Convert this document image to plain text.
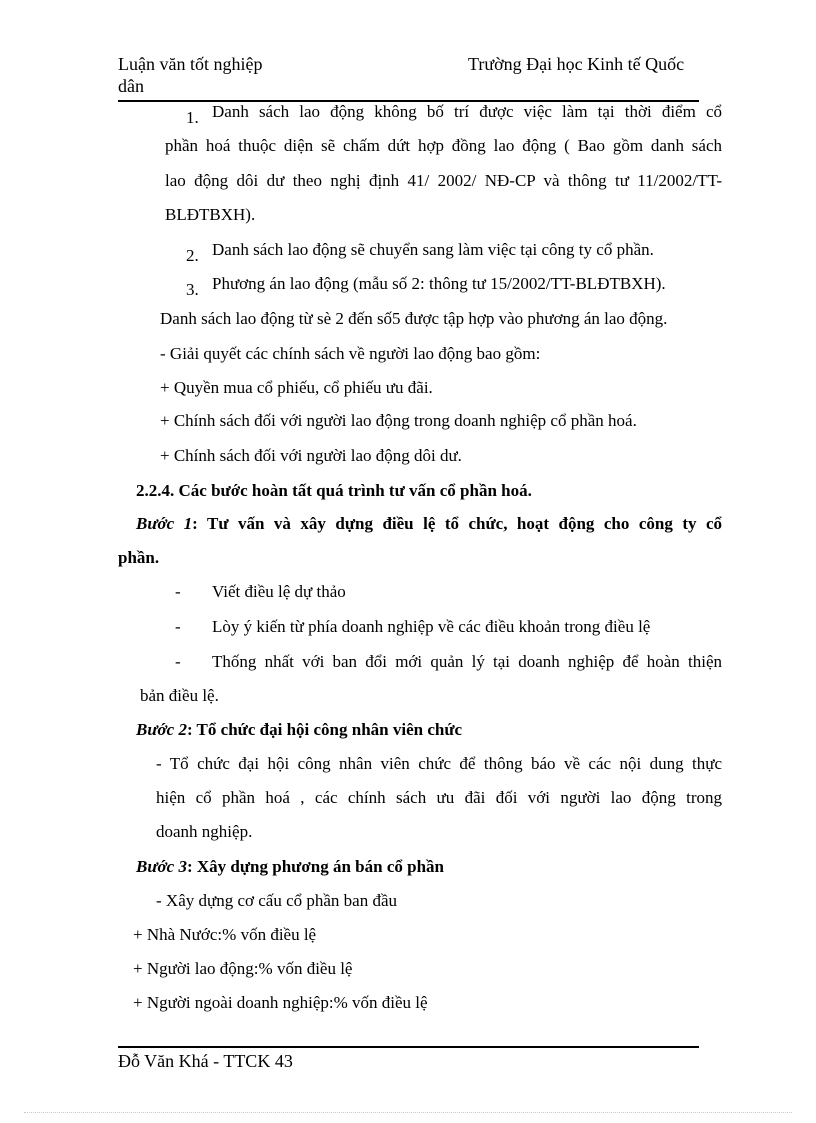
Luận văn tốt nghiệp	Trường Đại học Kinh tế Quốc
dân
1. Danh sách lao động không bố trí được việc làm tại thời điểm cổ
phần hoá thuộc diện sẽ chấm dứt hợp đồng lao động ( Bao gồm danh sách
lao động dôi dư theo nghị định 41/ 2002/ NĐ-CP và thông tư 11/2002/TT-
BLĐTBXH).
2. Danh sách lao động sẽ chuyển sang làm việc tại công ty cổ phần.
3. Phương án lao động (mẫu số 2: thông tư 15/2002/TT-BLĐTBXH).
Danh sách lao động từ sè 2 đến số5 được tập hợp vào phương án lao động.
- Giải quyết các chính sách về người lao động bao gồm:
+ Quyền mua cổ phiếu, cổ phiếu ưu đãi.
+ Chính sách đối với người lao động trong doanh nghiệp cổ phần hoá.
+ Chính sách đối với người lao động dôi dư.
2.2.4. Các bước hoàn tất quá trình tư vấn cổ phần hoá.
Bước 1: Tư vấn và xây dựng điều lệ tổ chức, hoạt động cho công ty cổ
phần.
- Viết điều lệ dự thảo
- Lòy ý kiến từ phía doanh nghiệp về các điều khoản trong điều lệ
- Thống nhất với ban đổi mới quản lý tại doanh nghiệp để hoàn thiện
bản điều lệ.
Bước 2: Tổ chức đại hội công nhân viên chức
- Tổ chức đại hội công nhân viên chức để thông báo về các nội dung thực
hiện cổ phần hoá , các chính sách ưu đãi đối với người lao động trong
doanh nghiệp.
Bước 3: Xây dựng phương án bán cổ phần
- Xây dựng cơ cấu cổ phần ban đầu
+ Nhà Nước:% vốn điều lệ
+ Người lao động:% vốn điều lệ
+ Người ngoài doanh nghiệp:% vốn điều lệ
Đỗ Văn Khá - TTCK 43
